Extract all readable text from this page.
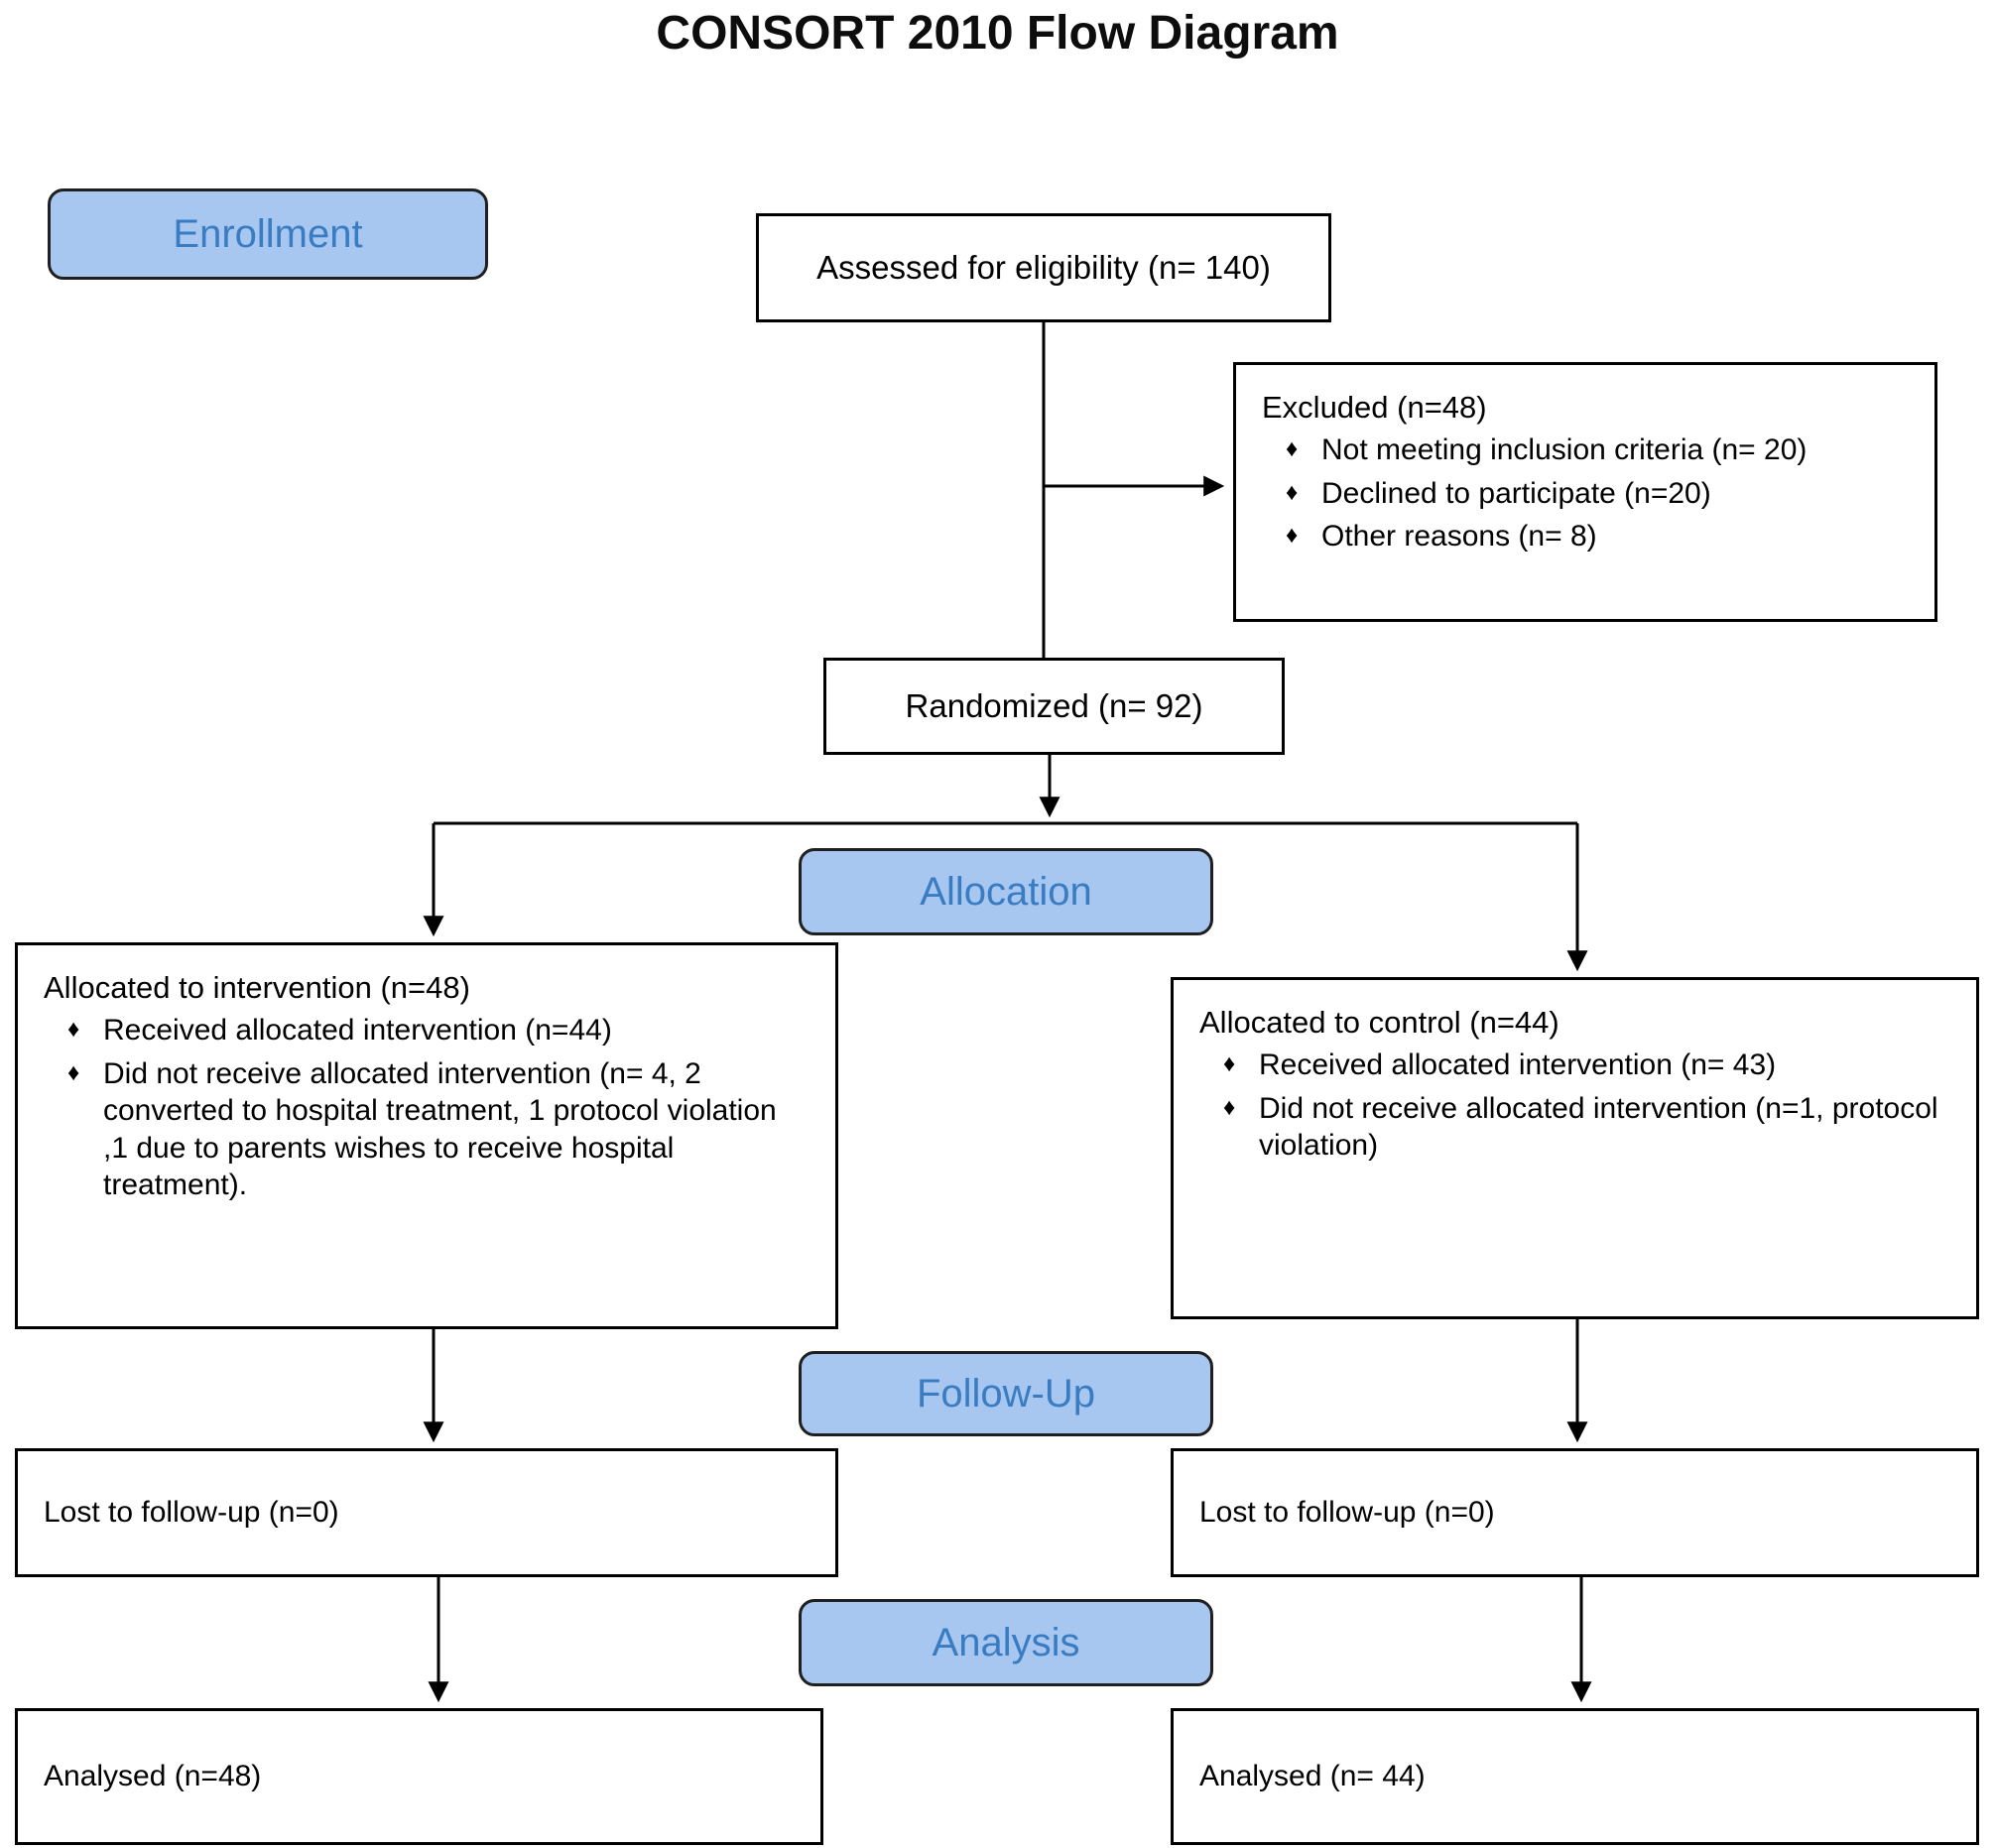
CONSORT 2010 Flow Diagram
Enrollment
Assessed for eligibility (n= 140)
Excluded (n=48)
♦ Not meeting inclusion criteria (n= 20)
♦ Declined to participate (n=20)
♦ Other reasons (n= 8)
Randomized (n= 92)
Allocation
Allocated to intervention (n=48)
♦ Received allocated intervention (n=44)
♦ Did not receive allocated intervention (n= 4, 2 converted to hospital treatment, 1 protocol violation ,1 due to parents wishes to receive hospital treatment).
Allocated to control (n=44)
♦ Received allocated intervention (n= 43)
♦ Did not receive allocated intervention (n=1, protocol violation)
Follow-Up
Lost to follow-up (n=0)	Lost to follow-up (n=0)
Analysis
Analysed (n=48)	Analysed (n= 44)
